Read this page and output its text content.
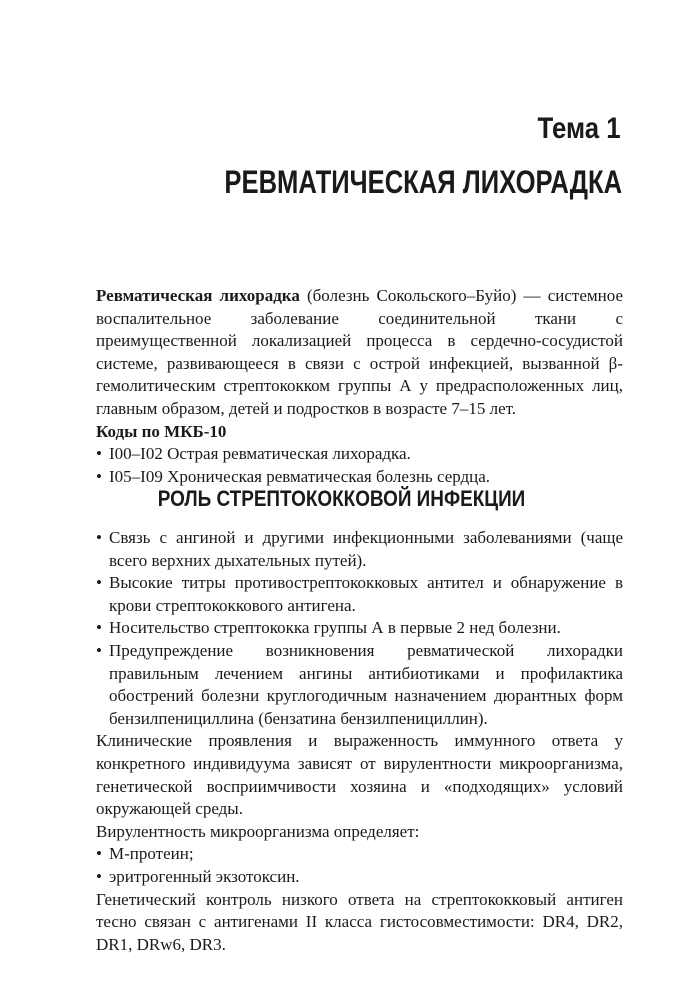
Тема 1
РЕВМАТИЧЕСКАЯ ЛИХОРАДКА

Ревматическая лихорадка (болезнь Сокольского–Буйо) — системное воспалительное заболевание соединительной ткани с преимущественной локализацией процесса в сердечно-сосудистой системе, развивающееся в связи с острой инфекцией, вызванной β-гемолитическим стрептококком группы А у предрасположенных лиц, главным образом, детей и подростков в возрасте 7–15 лет.

Коды по МКБ-10

• I00–I02 Острая ревматическая лихорадка.
• I05–I09 Хроническая ревматическая болезнь сердца.
РОЛЬ СТРЕПТОКОККОВОЙ ИНФЕКЦИИ
• Связь с ангиной и другими инфекционными заболеваниями (чаще всего верхних дыхательных путей).
• Высокие титры противострептококковых антител и обнаружение в крови стрептококкового антигена.
• Носительство стрептококка группы А в первые 2 нед болезни.
• Предупреждение возникновения ревматической лихорадки правильным лечением ангины антибиотиками и профилактика обострений болезни круглогодичным назначением дюрантных форм бензилпенициллина (бензатина бензилпенициллин).

Клинические проявления и выраженность иммунного ответа у конкретного индивидуума зависят от вирулентности микроорганизма, генетической восприимчивости хозяина и «подходящих» условий окружающей среды.

Вирулентность микроорганизма определяет:

• М-протеин;
• эритрогенный экзотоксин.

Генетический контроль низкого ответа на стрептококковый антиген тесно связан с антигенами II класса гистосовместимости: DR4, DR2, DR1, DRw6, DR3.
